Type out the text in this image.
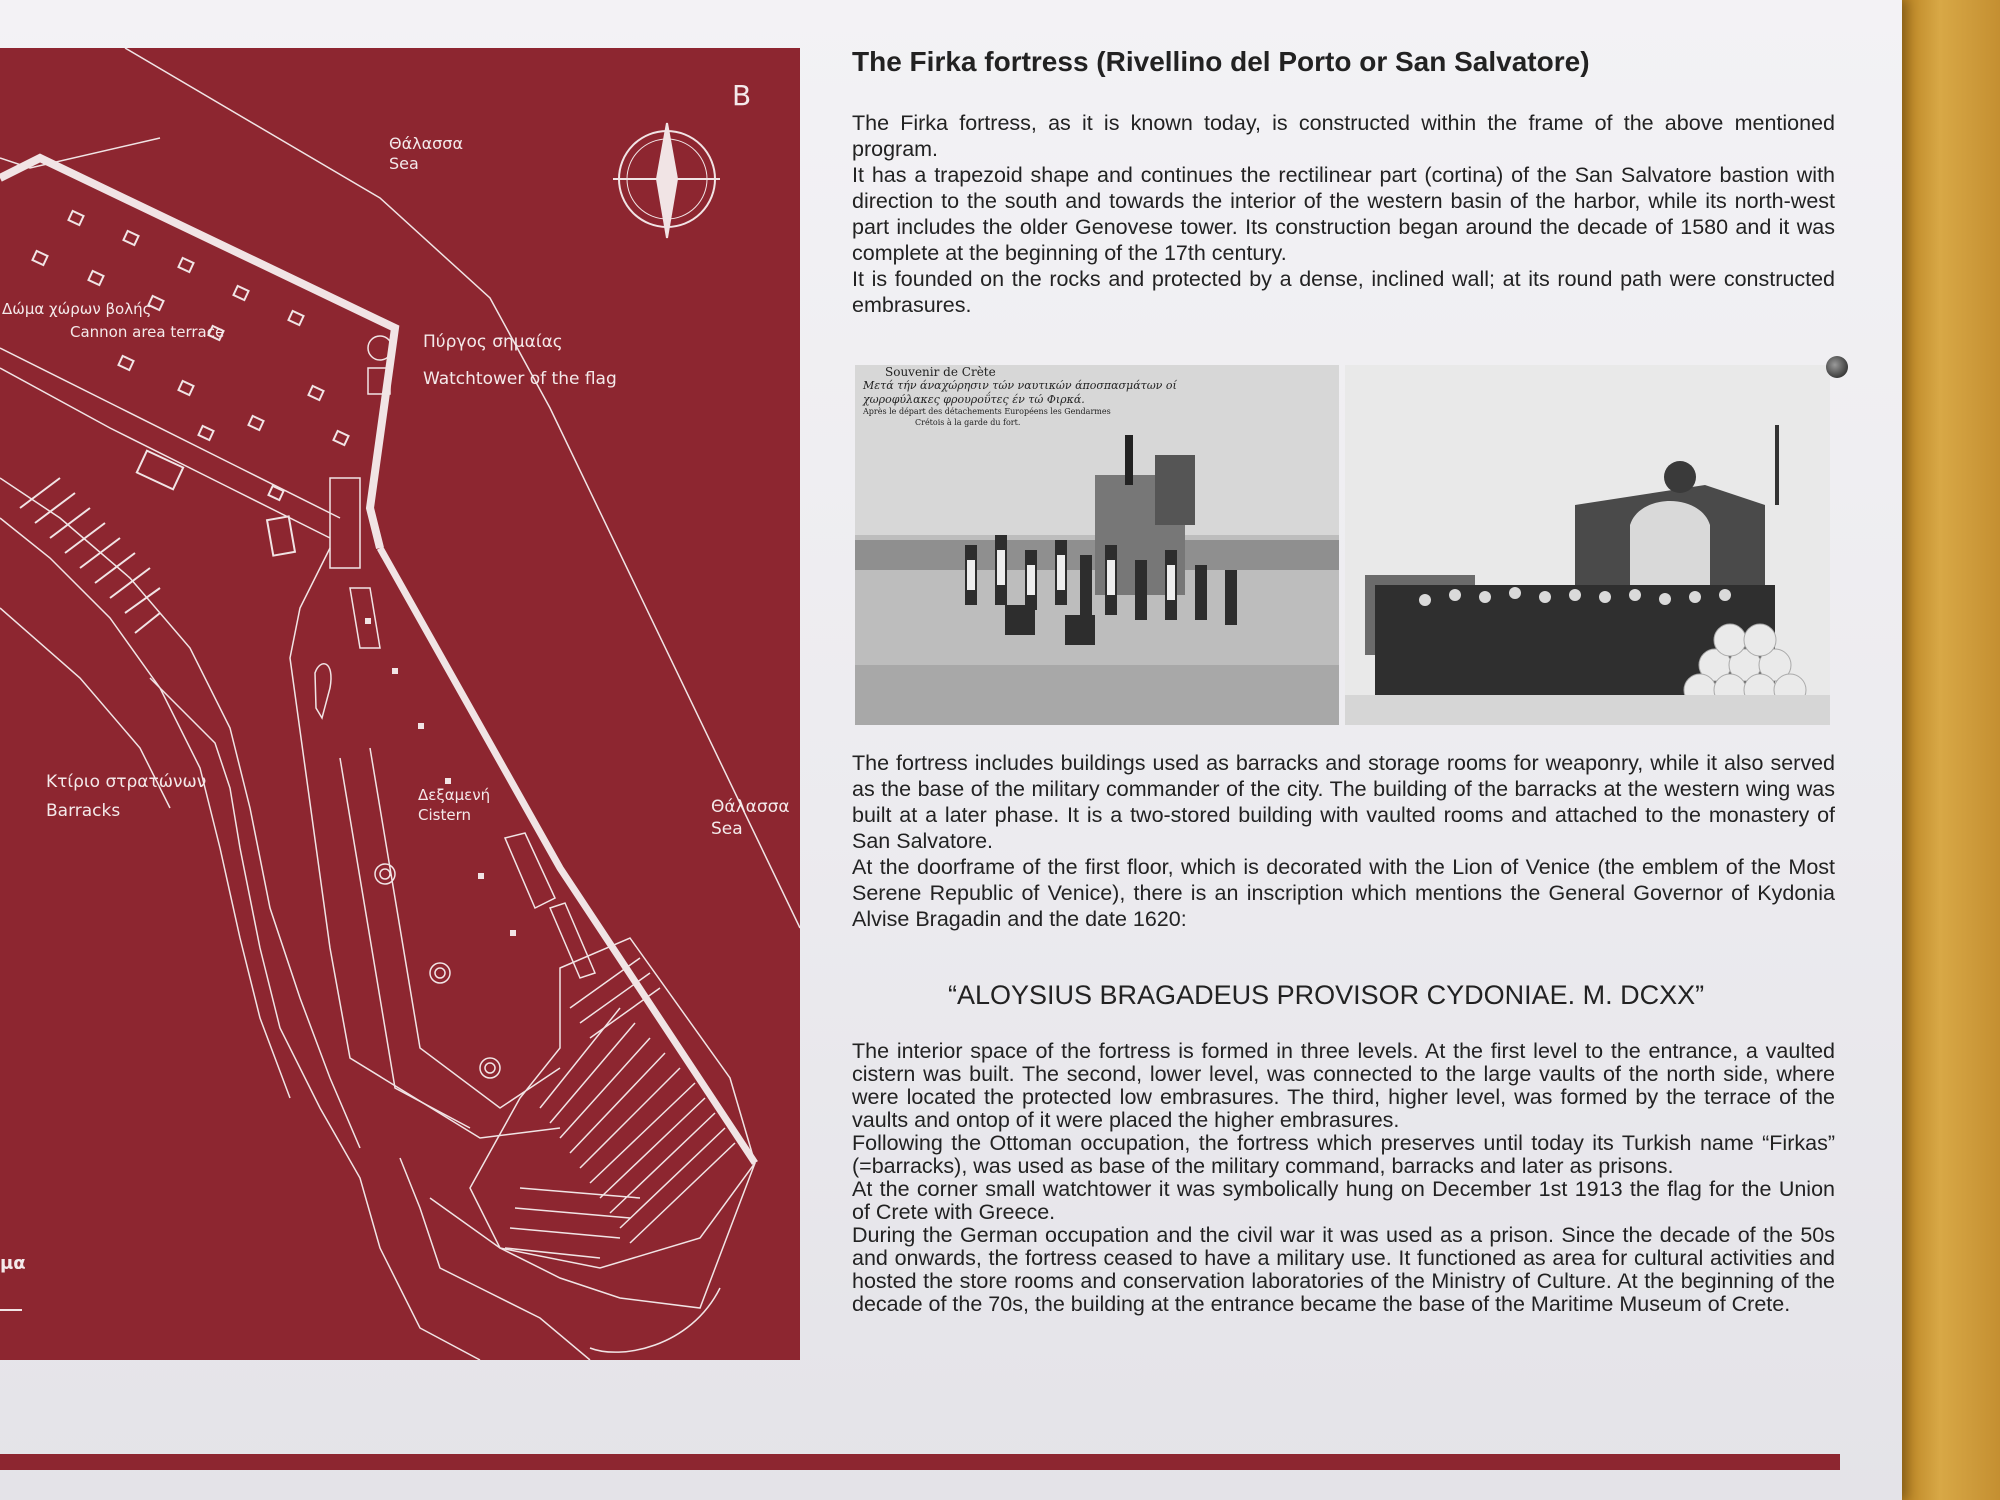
B
Θάλασσα
Sea
Δώμα χώρων βολής
Cannon area terrace	Πύργος σημαίας
Watchtower of the flag
Κτίριο στρατώνων
Barracks
Δεξαμενή
Cistern	Θάλασσα
Sea
μα
The Firka fortress (Rivellino del Porto or San Salvatore)

The Firka fortress, as it is known today, is constructed within the frame of the above mentioned program.

It has a trapezoid shape and continues the rectilinear part (cortina) of the San Salvatore bastion with direction to the south and towards the interior of the western basin of the harbor, while its north-west part includes the older Genovese tower. Its construction began around the decade of 1580 and it was complete at the beginning of the 17th century.

It is founded on the rocks and protected by a dense, inclined wall; at its round path were constructed embrasures.

Souvenir de Crète
Μετά τήν άναχώρησιν τών ναυτικών άποσπασμάτων οί
χωροφύλακες φρουροΰτες έν τώ Φιρκά.
Après le départ des détachements Européens les Gendarmes
Crétois à la garde du fort.

The fortress includes buildings used as barracks and storage rooms for weaponry, while it also served as the base of the military commander of the city. The building of the barracks at the western wing was built at a later phase. It is a two-stored building with vaulted rooms and attached to the monastery of San Salvatore.

At the doorframe of the first floor, which is decorated with the Lion of Venice (the emblem of the Most Serene Republic of Venice), there is an inscription which mentions the General Governor of Kydonia Alvise Bragadin and the date 1620:

“ALOYSIUS BRAGADEUS PROVISOR CYDONIAE. M. DCXX”

The interior space of the fortress is formed in three levels. At the first level to the entrance, a vaulted cistern was built. The second, lower level, was connected to the large vaults of the north side, where were located the protected low embrasures. The third, higher level, was formed by the terrace of the vaults and ontop of it were placed the higher embrasures.

Following the Ottoman occupation, the fortress which preserves until today its Turkish name “Firkas” (=barracks), was used as base of the military command, barracks and later as prisons.

At the corner small watchtower it was symbolically hung on December 1st 1913 the flag for the Union of Crete with Greece.

During the German occupation and the civil war it was used as a prison. Since the decade of the 50s and onwards, the fortress ceased to have a military use. It functioned as area for cultural activities and hosted the store rooms and conservation laboratories of the Ministry of Culture. At the beginning of the decade of the 70s, the building at the entrance became the base of the Maritime Museum of Crete.
